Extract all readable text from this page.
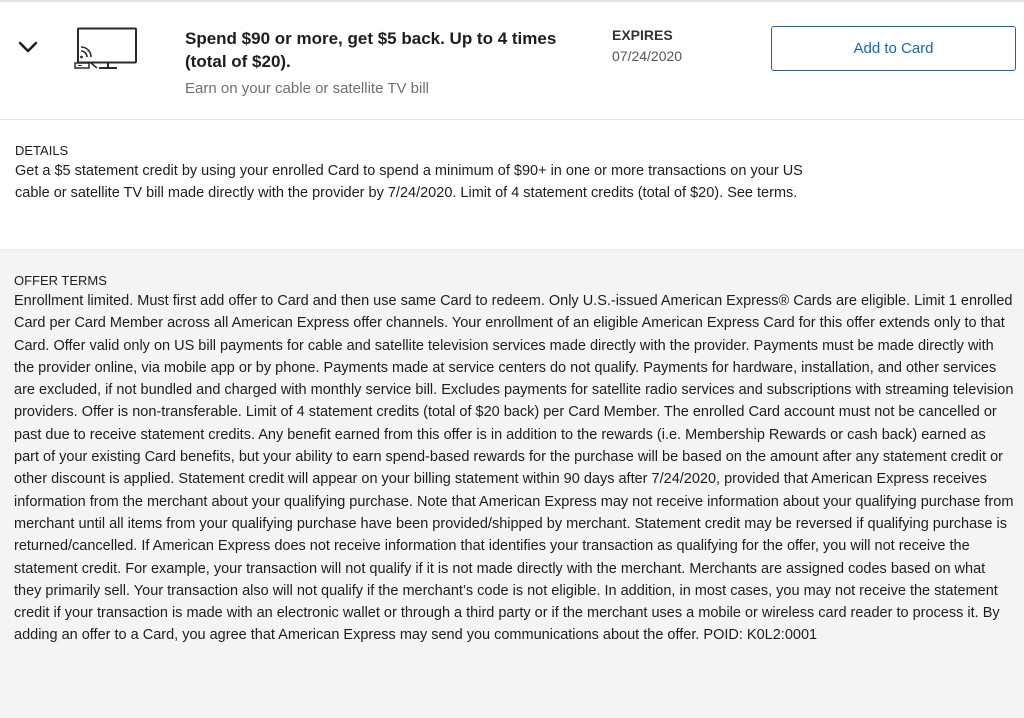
Spend $90 or more, get $5 back. Up to 4 times (total of $20).
Earn on your cable or satellite TV bill
EXPIRES
07/24/2020	Add to Card
DETAILS
Get a $5 statement credit by using your enrolled Card to spend a minimum of $90+ in one or more transactions on your US cable or satellite TV bill made directly with the provider by 7/24/2020. Limit of 4 statement credits (total of $20). See terms.
OFFER TERMS
Enrollment limited. Must first add offer to Card and then use same Card to redeem. Only U.S.-issued American Express® Cards are eligible. Limit 1 enrolled Card per Card Member across all American Express offer channels. Your enrollment of an eligible American Express Card for this offer extends only to that Card. Offer valid only on US bill payments for cable and satellite television services made directly with the provider. Payments must be made directly with the provider online, via mobile app or by phone. Payments made at service centers do not qualify. Payments for hardware, installation, and other services are excluded, if not bundled and charged with monthly service bill. Excludes payments for satellite radio services and subscriptions with streaming television providers. Offer is non-transferable. Limit of 4 statement credits (total of $20 back) per Card Member. The enrolled Card account must not be cancelled or past due to receive statement credits. Any benefit earned from this offer is in addition to the rewards (i.e. Membership Rewards or cash back) earned as part of your existing Card benefits, but your ability to earn spend-based rewards for the purchase will be based on the amount after any statement credit or other discount is applied. Statement credit will appear on your billing statement within 90 days after 7/24/2020, provided that American Express receives information from the merchant about your qualifying purchase. Note that American Express may not receive information about your qualifying purchase from merchant until all items from your qualifying purchase have been provided/shipped by merchant. Statement credit may be reversed if qualifying purchase is returned/cancelled. If American Express does not receive information that identifies your transaction as qualifying for the offer, you will not receive the statement credit. For example, your transaction will not qualify if it is not made directly with the merchant. Merchants are assigned codes based on what they primarily sell. Your transaction also will not qualify if the merchant’s code is not eligible. In addition, in most cases, you may not receive the statement credit if your transaction is made with an electronic wallet or through a third party or if the merchant uses a mobile or wireless card reader to process it. By adding an offer to a Card, you agree that American Express may send you communications about the offer. POID: K0L2:0001
